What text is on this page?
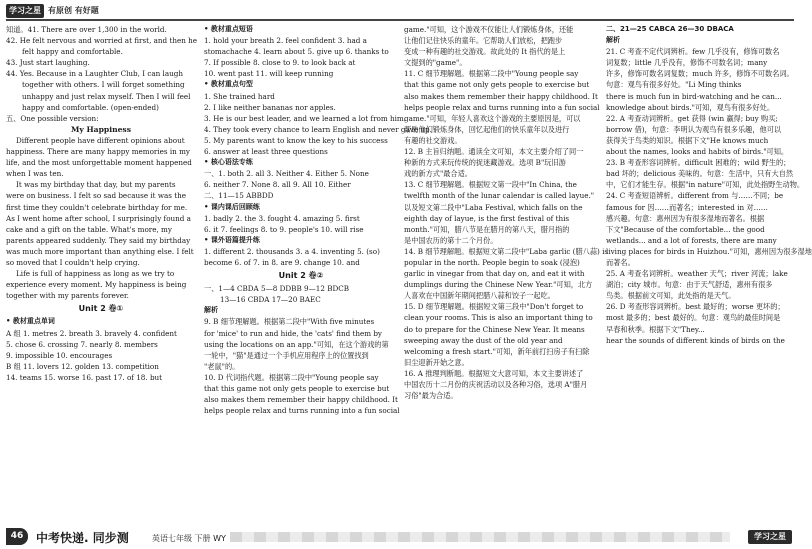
学习之星 有原创 有好题
知道。41. There are over 1,300 in the world.
42. He felt nervous and worried at first, and then he
felt happy and comfortable.
43. Just start laughing.
44. Yes. Because in a Laughter Club, I can laugh
together with others. I will forget something
unhappy and just relax myself. Then I will feel
happy and comfortable. (open-ended)
五、One possible version:
My Happiness
Different people have different opinions about
happiness. There are many happy memories in my
life, and the most unforgettable moment happened
when I was ten.
It was my birthday that day, but my parents
were on business. I felt so sad because it was the
first time they couldn't celebrate birthday for me.
As I went home after school, I surprisingly found a
cake and a gift on the table. What's more, my
parents appeared suddenly. They said my birthday
was much more important than anything else. I felt
so moved that I couldn't help crying.
Life is full of happiness as long as we try to
experience every moment. My happiness is being
together with my parents forever.
Unit 2 卷①
• 教材重点单词
A 组 1. metres 2. breath 3. bravely 4. confident
5. chose 6. crossing 7. nearly 8. members
9. impossible 10. encourages
B 组 11. lovers 12. golden 13. competition
14. teams 15. worse 16. past 17. of 18. but
• 教材重点短语
1. hold your breath 2. feel confident 3. had a
stomachache 4. learn about 5. give up 6. thanks to
7. If possible 8. close to 9. to look back at
10. went past 11. will keep running
• 教材重点句型
1. She trained hard
2. I like neither bananas nor apples.
3. He is our best leader, and we learned a lot from him.
4. They took every chance to learn English and never gave up.
5. My parents want to know the key to his success
6. answer at least three questions
• 核心语法专练
一、1. both 2. all 3. Neither 4. Either 5. None
6. neither 7. None 8. all 9. All 10. Either
二、11—15 ABBDD
• 课内课后回顾练
1. badly 2. the 3. fought 4. amazing 5. first
6. it 7. feelings 8. to 9. people's 10. will rise
• 课外语篇提升练
1. different 2. thousands 3. a 4. inventing 5. (so)
become 6. of 7. in 8. are 9. change 10. and
Unit 2 卷②
一、1—4 CBDA 5—8 DDBB 9—12 BDCB
13—16 CBDA 17—20 BAEC
解析
9. B 细节理解题。根据第二段中"With five minutes
for 'mice' to run and hide, the 'cats' find them by
using the locations on an app."可知，在这个游戏的第
一轮中，"猫"是通过一个手机应用程序上的位置找到
"老鼠"的。
10. D 代词指代题。根据第二段中"Young people say
that this game not only gets people to exercise but
also makes them remember their happy childhood. It
helps people relax and turns running into a fun social
game."可知，这个游戏不仅能让人们锻炼身体，还能
让他们记住快乐的童年。它帮助人们放松，把跑步
变成一种有趣的社交游戏。故此处的 It 指代的是上
文提到的"game"。
11. C 细节理解题。根据第二段中"Young people say
that this game not only gets people to exercise but
also makes them remember their happy childhood. It
helps people relax and turns running into a fun social
game."可知，年轻人喜欢这个游戏的主要原因是，可以
帮助他们锻炼身体，回忆起他们的快乐童年以及进行
有趣的社交游戏。
12. B 主旨归纳题。通读全文可知，本文主要介绍了同一
种新的方式来玩传统的捉迷藏游戏。选项 B"玩旧游
戏的新方式"最合适。
13. C 细节理解题。根据短文第一段中"In China, the
twelfth month of the lunar calendar is called layue."
以及短文第二段中"Laba Festival, which falls on the
eighth day of layue, is the first festival of this
month."可知，腊八节是在腊月的第八天，腊月指的
是中国农历的第十二个月份。
14. B 细节理解题。根据短文第二段中"Laba garlic (腊八蒜) is
popular in the north. People begin to soak (浸泡)
garlic in vinegar from that day on, and eat it with
dumplings during the Chinese New Year."可知，北方
人喜欢在中国新年期间把腊八蒜和饺子一起吃。
15. D 细节理解题。根据短文第三段中"Don't forget to
clean your rooms. This is also an important thing to
do to prepare for the Chinese New Year. It means
sweeping away the dust of the old year and
welcoming a fresh start."可知，新年前打扫房子有扫除
旧尘迎新开始之意。
16. A 推理判断题。根据短文大意可知，本文主要讲述了
中国农历十二月份的庆祝活动以及各种习俗，选项 A"腊月
习俗"最为合适。
二、21—25 CABCA 26—30 DBACA
解析
21. C 考查不定代词辨析。few 几乎没有，修饰可数名
词复数；little 几乎没有，修饰不可数名词；many
许多，修饰可数名词复数；much 许多，修饰不可数名词。
句意：观鸟有很多好处。"Li Ming thinks
there is much fun in bird-watching and he can...
knowledge about birds."可知，观鸟有很多好处。
22. A 考查动词辨析。get 获得 (win 赢得; buy 购买;
borrow 借)，句意：李明认为观鸟有很多乐趣，他可以
获得关于鸟类的知识。根据下文"He knows much
about the names, looks and habits of birds."可知。
23. B 考查形容词辨析。difficult 困难的；wild 野生的；
bad 坏的；delicious 美味的。句意：生活中，只有大自然
中，它们才能生存。根据"in nature"可知，此处指野生动物。
24. C 考查短语辨析。different from 与……不同；be
famous for 因……而著名；interested in 对……
感兴趣。句意：惠州因为有很多湿地而著名。根据
下文"Because of the comfortable... the good
wetlands... and a lot of forests, there are many
living places for birds in Huizhou."可知，惠州因为很多湿地
而著名。
25. A 考查名词辨析。weather 天气；river 河流；lake
湖泊；city 城市。句意：由于天气舒适，惠州有很多
鸟类。根据前文可知，此处指的是天气。
26. D 考查形容词辨析。best 最好的；worse 更坏的；
most 最多的；best 最好的。句意：观鸟的最佳时间是
早春和秋季。根据下文"They...
hear the sounds of different kinds of birds on the
46	中考快递. 同步测	英语七年级 下册 WY	学习之星
